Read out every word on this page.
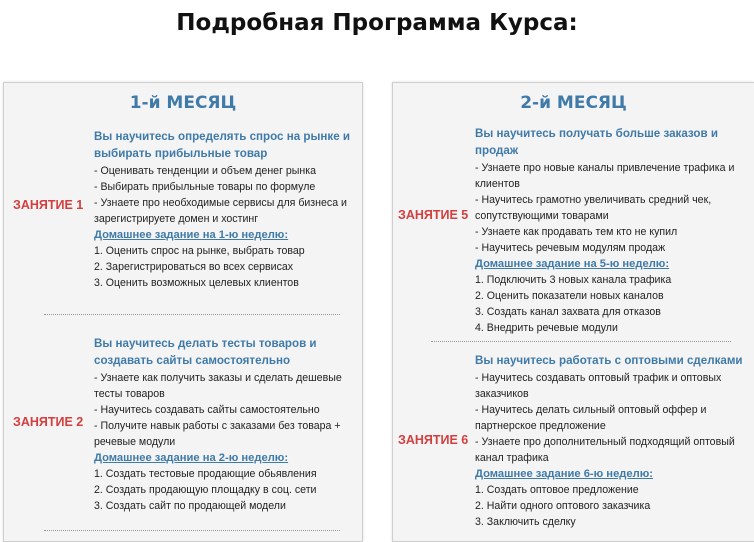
Подробная Программа Курса:
1-й МЕСЯЦ
ЗАНЯТИЕ 1

Вы научитесь определять спрос на рынке и выбирать прибыльные товар

- Оценивать тенденции и объем денег рынка

- Выбирать прибыльные товары по формуле

- Узнаете про необходимые сервисы для бизнеса и зарегистрируете домен и хостинг

Домашнее задание на 1-ю неделю:

1. Оценить спрос на рынке, выбрать товар

2. Зарегистрироваться во всех сервисах

3. Оценить возможных целевых клиентов

ЗАНЯТИЕ 2

Вы научитесь делать тесты товаров и создавать сайты самостоятельно

- Узнаете как получить заказы и сделать дешевые тесты товаров

- Научитесь создавать сайты самостоятельно

- Получите навык работы с заказами без товара + речевые модули

Домашнее задание на 2-ю неделю:

1. Создать тестовые продающие обьявления

2. Создать продающую площадку в соц. сети

3. Создать сайт по продающей модели

2-й МЕСЯЦ
ЗАНЯТИЕ 5

Вы научитесь получать больше заказов и продаж

- Узнаете про новые каналы привлечение трафика и клиентов

- Научитесь грамотно увеличивать средний чек, сопутствующими товарами

- Узнаете как продавать тем кто не купил

- Научитесь речевым модулям продаж

Домашнее задание на 5-ю неделю:

1. Подключить 3 новых канала трафика

2. Оценить показатели новых каналов

3. Создать канал захвата для отказов

4. Внедрить речевые модули

ЗАНЯТИЕ 6

Вы научитесь работать с оптовыми сделками

- Научитесь создавать оптовый трафик и оптовых заказчиков

- Научитесь делать сильный оптовый оффер и партнерское предложение

- Узнаете про дополнительный подходящий оптовый канал трафика

Домашнее задание 6-ю неделю:

1. Создать оптовое предложение

2. Найти одного оптового заказчика

3. Заключить сделку
